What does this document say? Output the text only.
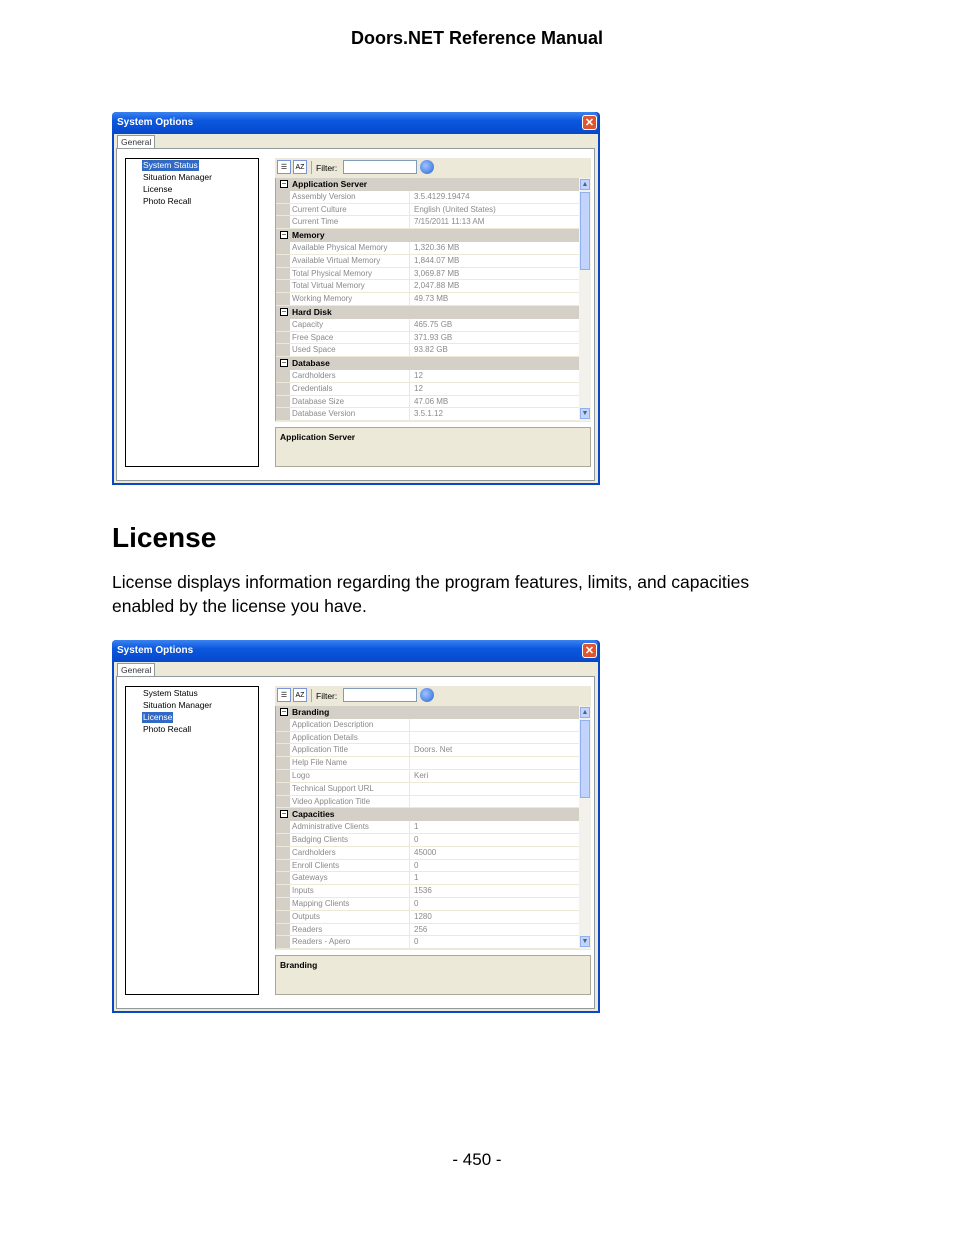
Doors.NET Reference Manual
System Options	✕
General
System Status
Situation Manager
License
Photo Recall
☰	AZ Filter:
− Application Server
Assembly Version	3.5.4129.19474
Current Culture	English (United States)
Current Time	7/15/2011 11:13 AM
− Memory
Available Physical Memory	1,320.36 MB
Available Virtual Memory	1,844.07 MB
Total Physical Memory	3,069.87 MB
Total Virtual Memory	2,047.88 MB
Working Memory	49.73 MB
− Hard Disk
Capacity	465.75 GB
Free Space	371.93 GB
Used Space	93.82 GB
− Database
Cardholders	12
Credentials	12
Database Size	47.06 MB
Database Version	3.5.1.12
▲
▼
Application Server
License

License displays information regarding the program features, limits, and capacities enabled by the license you have.

System Options	✕
General
System Status
Situation Manager
License
Photo Recall
☰	AZ Filter:
− Branding
Application Description
Application Details
Application Title	Doors. Net
Help File Name
Logo	Keri
Technical Support URL
Video Application Title
− Capacities
Administrative Clients	1
Badging Clients	0
Cardholders	45000
Enroll Clients	0
Gateways	1
Inputs	1536
Mapping Clients	0
Outputs	1280
Readers	256
Readers - Apero	0
▲
▼
Branding
- 450 -
